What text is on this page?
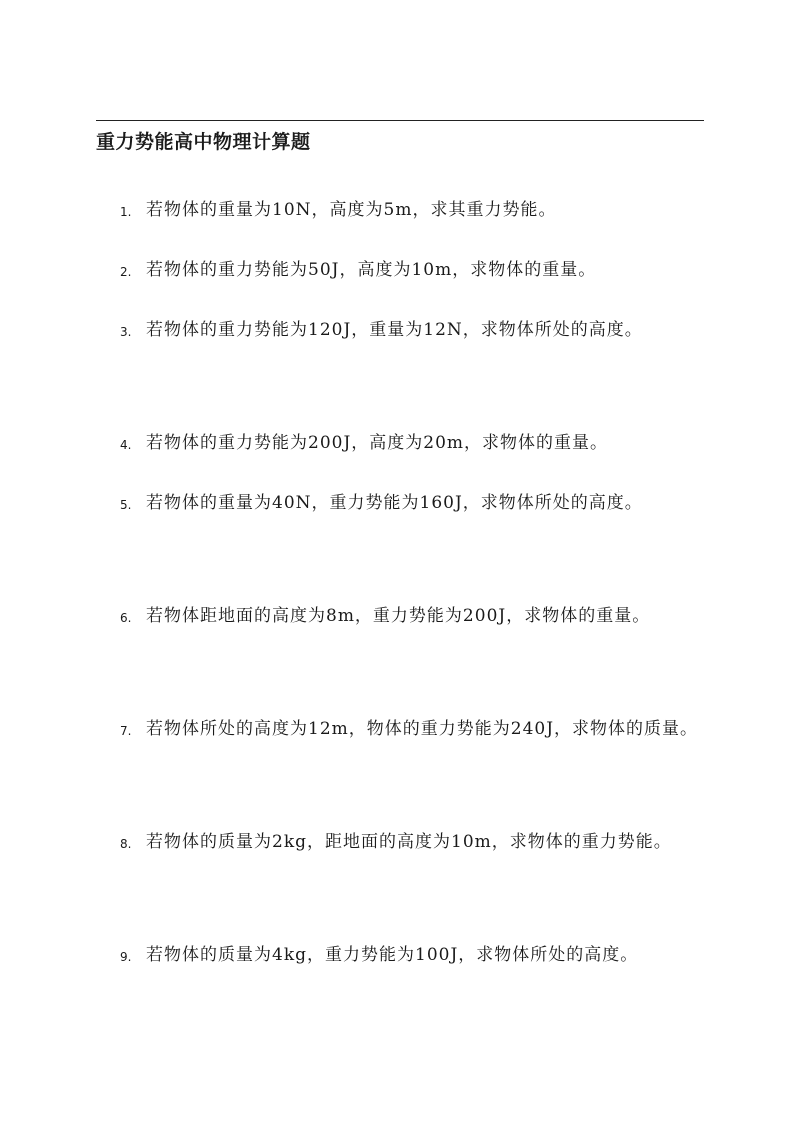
重力势能高中物理计算题
1. 若物体的重量为10N，高度为5m，求其重力势能。
2. 若物体的重力势能为50J，高度为10m，求物体的重量。
3. 若物体的重力势能为120J，重量为12N，求物体所处的高度。
4. 若物体的重力势能为200J，高度为20m，求物体的重量。
5. 若物体的重量为40N，重力势能为160J，求物体所处的高度。
6. 若物体距地面的高度为8m，重力势能为200J，求物体的重量。
7. 若物体所处的高度为12m，物体的重力势能为240J，求物体的质量。
8. 若物体的质量为2kg，距地面的高度为10m，求物体的重力势能。
9. 若物体的质量为4kg，重力势能为100J，求物体所处的高度。
